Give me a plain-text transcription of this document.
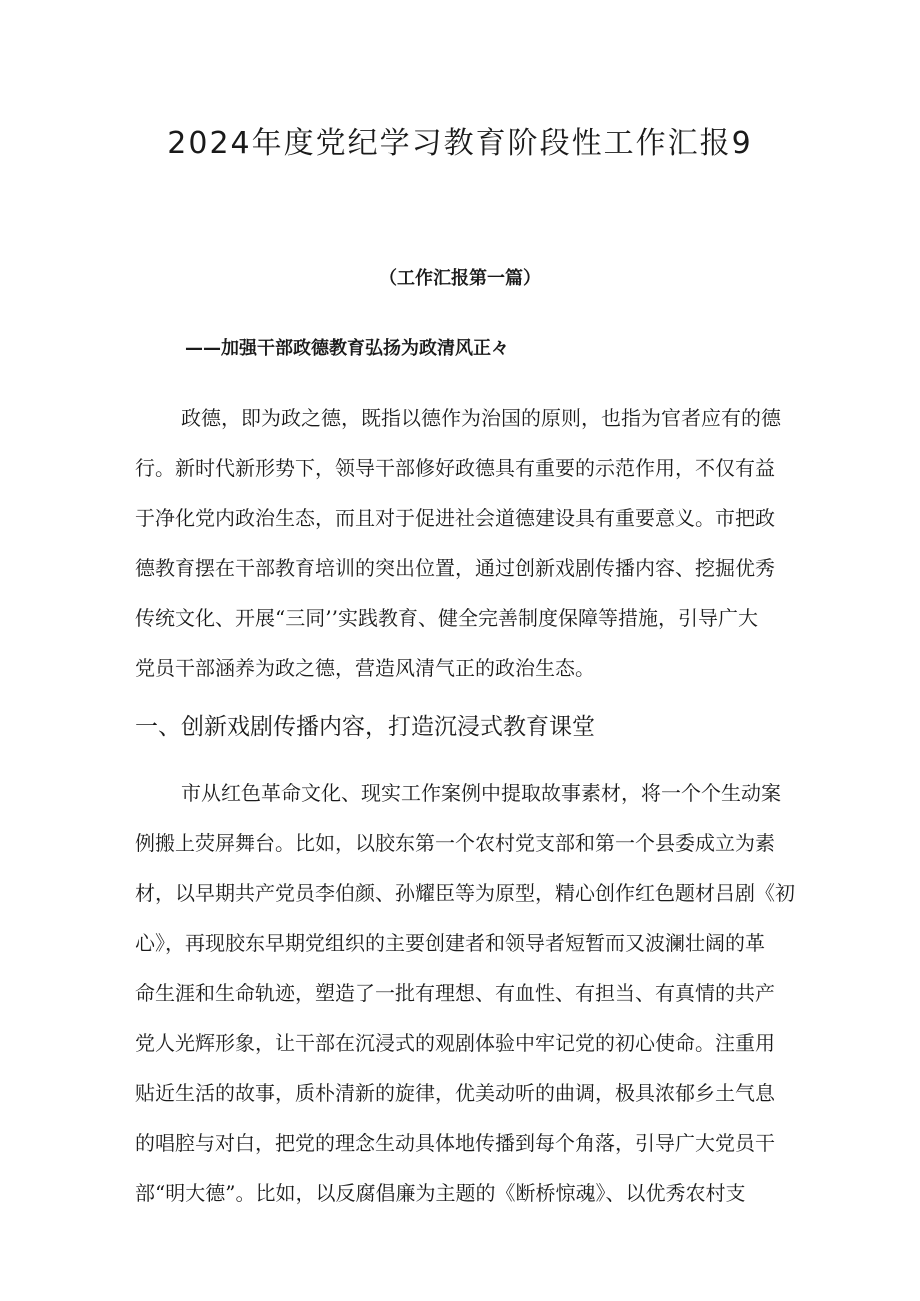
2024年度党纪学习教育阶段性工作汇报9
（工作汇报第一篇）
——加强干部政德教育弘扬为政清风正々
政德，即为政之德，既指以德作为治国的原则，也指为官者应有的德
行。新时代新形势下，领导干部修好政德具有重要的示范作用，不仅有益
于净化党内政治生态，而且对于促进社会道德建设具有重要意义。市把政
德教育摆在干部教育培训的突出位置，通过创新戏剧传播内容、挖掘优秀
传统文化、开展“三同’’实践教育、健全完善制度保障等措施，引导广大
党员干部涵养为政之德，营造风清气正的政治生态。
一、创新戏剧传播内容，打造沉浸式教育课堂
市从红色革命文化、现实工作案例中提取故事素材，将一个个生动案
例搬上荧屏舞台。比如，以胶东第一个农村党支部和第一个县委成立为素
材，以早期共产党员李伯颜、孙耀臣等为原型，精心创作红色题材吕剧《初
心》，再现胶东早期党组织的主要创建者和领导者短暂而又波澜壮阔的革
命生涯和生命轨迹，塑造了一批有理想、有血性、有担当、有真情的共产
党人光辉形象，让干部在沉浸式的观剧体验中牢记党的初心使命。注重用
贴近生活的故事，质朴清新的旋律，优美动听的曲调，极具浓郁乡土气息
的唱腔与对白，把党的理念生动具体地传播到每个角落，引导广大党员干
部“明大德”。比如，以反腐倡廉为主题的《断桥惊魂》、以优秀农村支
